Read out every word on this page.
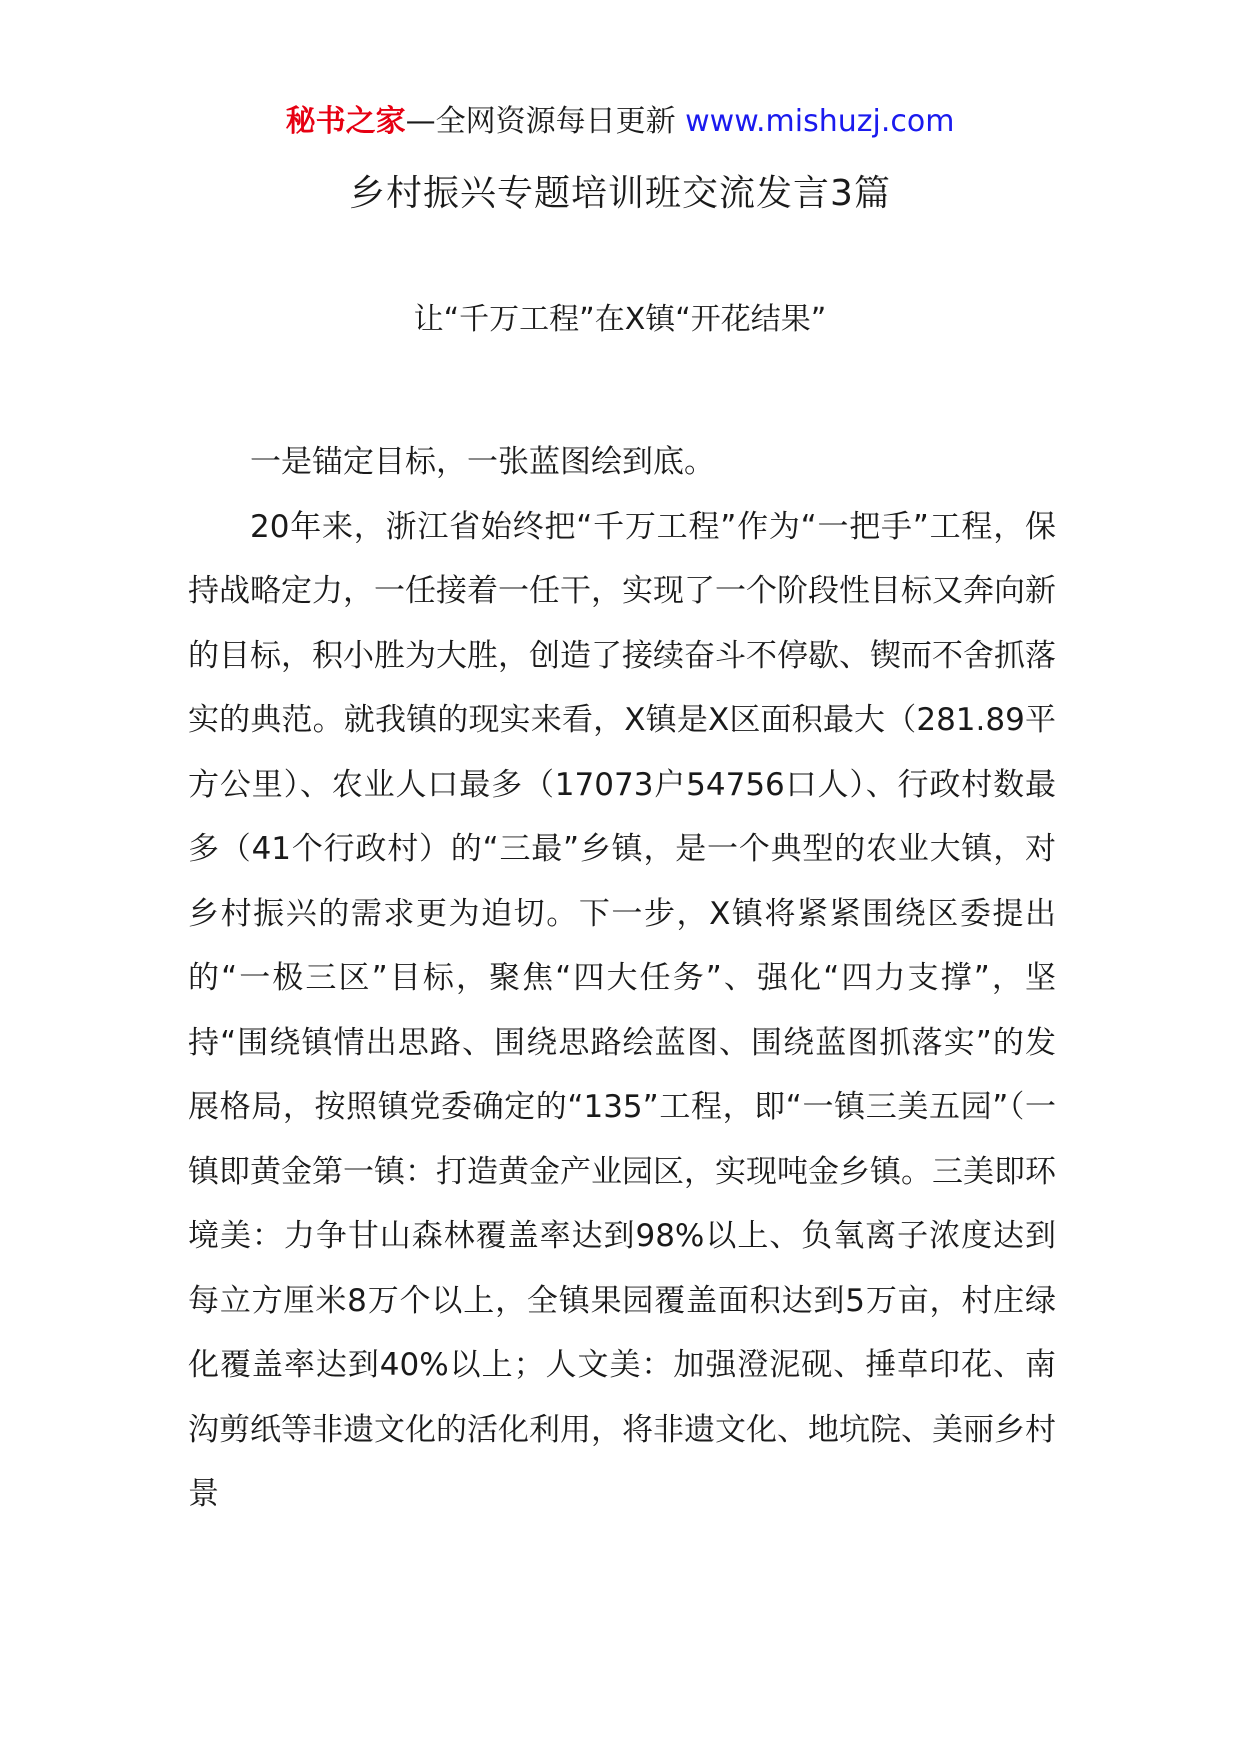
秘书之家—全网资源每日更新 www.mishuzj.com
乡村振兴专题培训班交流发言3篇
让“千万工程”在X镇“开花结果”

一是锚定目标，一张蓝图绘到底。

20年来，浙江省始终把“千万工程”作为“一把手”工程，保持战略定力，一任接着一任干，实现了一个阶段性目标又奔向新的目标，积小胜为大胜，创造了接续奋斗不停歇、锲而不舍抓落实的典范。就我镇的现实来看，X镇是X区面积最大（281.89平方公里）、农业人口最多（17073户54756口人）、行政村数最多（41个行政村）的“三最”乡镇，是一个典型的农业大镇，对乡村振兴的需求更为迫切。下一步，X镇将紧紧围绕区委提出的“一极三区”目标，聚焦“四大任务”、强化“四力支撑”，坚持“围绕镇情出思路、围绕思路绘蓝图、围绕蓝图抓落实”的发展格局，按照镇党委确定的“135”工程，即“一镇三美五园”（一镇即黄金第一镇：打造黄金产业园区，实现吨金乡镇。三美即环境美：力争甘山森林覆盖率达到98%以上、负氧离子浓度达到每立方厘米8万个以上，全镇果园覆盖面积达到5万亩，村庄绿化覆盖率达到40%以上；人文美：加强澄泥砚、捶草印花、南沟剪纸等非遗文化的活化利用，将非遗文化、地坑院、美丽乡村景
